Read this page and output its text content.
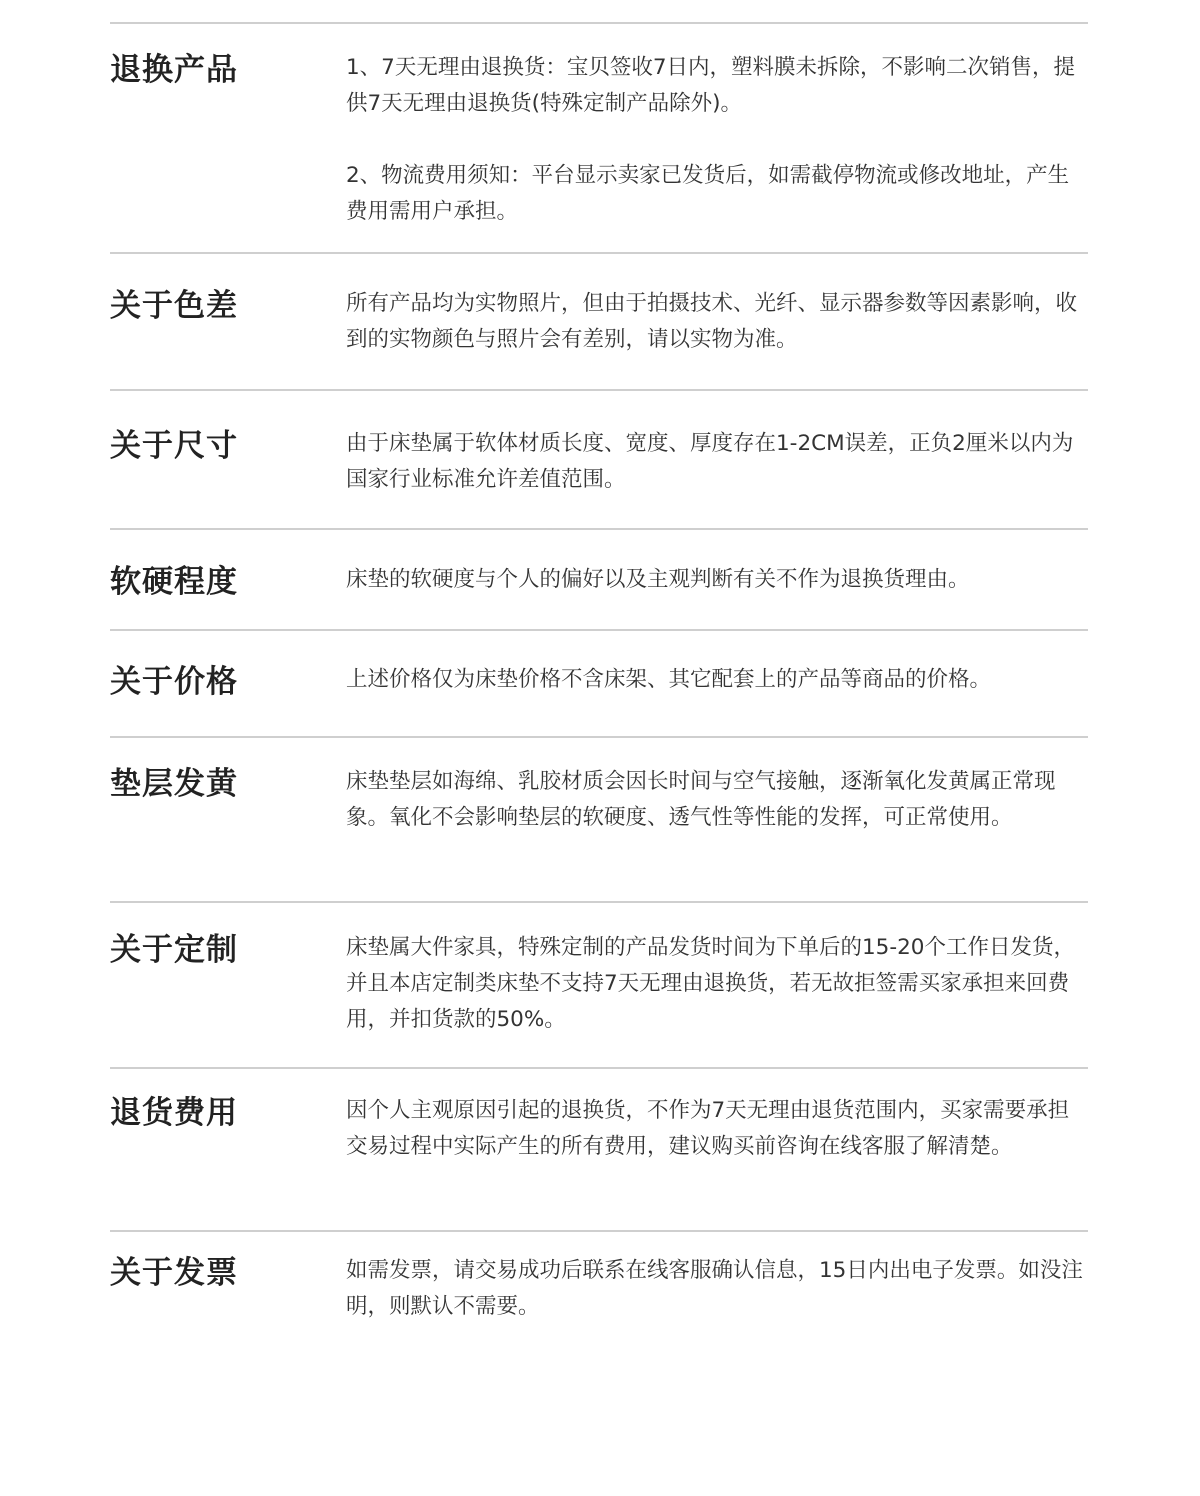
退换产品	1、7天无理由退换货：宝贝签收7日内，塑料膜未拆除，不影响二次销售，提供7天无理由退换货(特殊定制产品除外)。

2、物流费用须知：平台显示卖家已发货后，如需截停物流或修改地址，产生费用需用户承担。

关于色差	所有产品均为实物照片，但由于拍摄技术、光纤、显示器参数等因素影响，收到的实物颜色与照片会有差别，请以实物为准。

关于尺寸	由于床垫属于软体材质长度、宽度、厚度存在1-2CM误差，正负2厘米以内为国家行业标准允许差值范围。

软硬程度	床垫的软硬度与个人的偏好以及主观判断有关不作为退换货理由。

关于价格	上述价格仅为床垫价格不含床架、其它配套上的产品等商品的价格。

垫层发黄	床垫垫层如海绵、乳胶材质会因长时间与空气接触，逐渐氧化发黄属正常现象。氧化不会影响垫层的软硬度、透气性等性能的发挥，可正常使用。

关于定制	床垫属大件家具，特殊定制的产品发货时间为下单后的15-20个工作日发货，并且本店定制类床垫不支持7天无理由退换货，若无故拒签需买家承担来回费用，并扣货款的50%。

退货费用	因个人主观原因引起的退换货，不作为7天无理由退货范围内，买家需要承担交易过程中实际产生的所有费用，建议购买前咨询在线客服了解清楚。

关于发票	如需发票，请交易成功后联系在线客服确认信息，15日内出电子发票。如没注明，则默认不需要。
